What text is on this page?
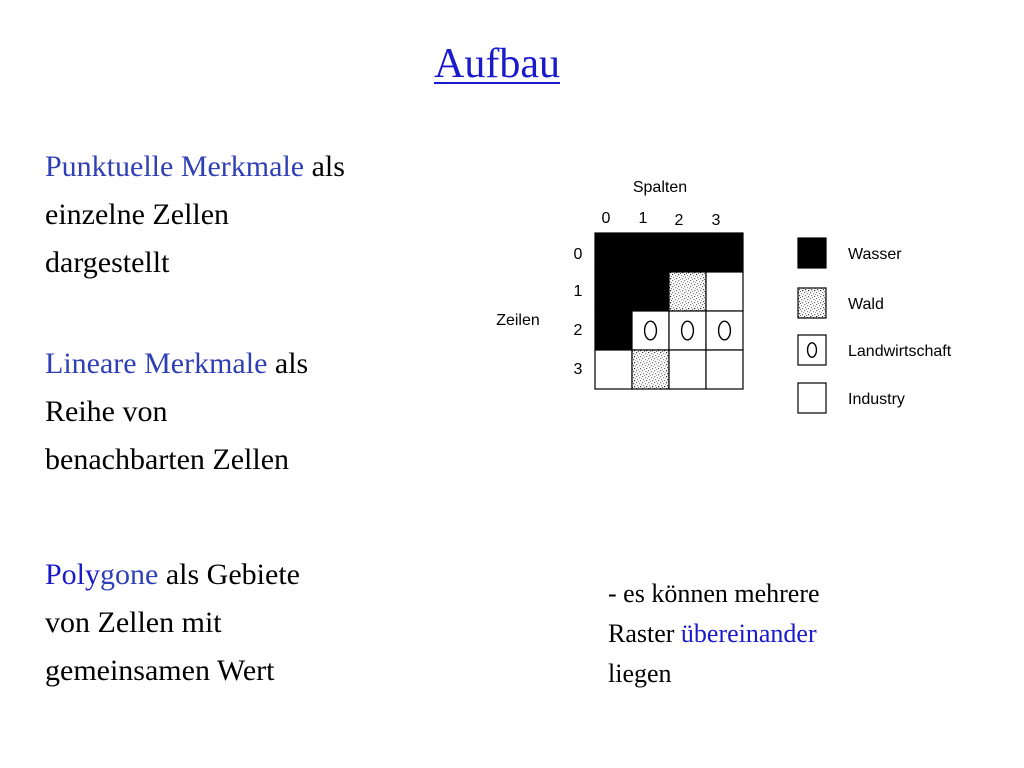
Aufbau

Punktuelle Merkmale als
einzelne Zellen
dargestellt

Lineare Merkmale als
Reihe von
benachbarten Zellen

Polygone als Gebiete
von Zellen mit
gemeinsamen Wert

- es können mehrere
Raster übereinander
liegen

Spalten
Zeilen
0 1 2 3
0
1
2
3
Wasser
Wald
Landwirtschaft
Industry
